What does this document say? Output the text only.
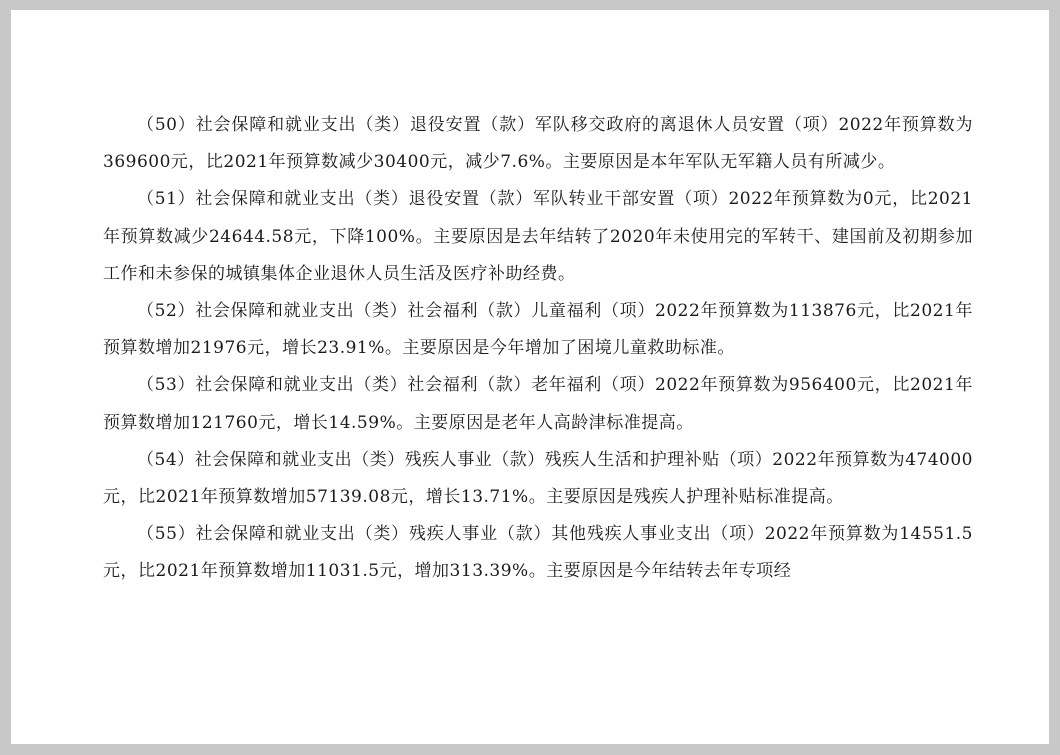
（50）社会保障和就业支出（类）退役安置（款）军队移交政府的离退休人员安置（项）2022年预算数为369600元，比2021年预算数减少30400元，减少7.6%。主要原因是本年军队无军籍人员有所减少。

（51）社会保障和就业支出（类）退役安置（款）军队转业干部安置（项）2022年预算数为0元，比2021年预算数减少24644.58元，下降100%。主要原因是去年结转了2020年未使用完的军转干、建国前及初期参加工作和未参保的城镇集体企业退休人员生活及医疗补助经费。

（52）社会保障和就业支出（类）社会福利（款）儿童福利（项）2022年预算数为113876元，比2021年预算数增加21976元，增长23.91%。主要原因是今年增加了困境儿童救助标准。

（53）社会保障和就业支出（类）社会福利（款）老年福利（项）2022年预算数为956400元，比2021年预算数增加121760元，增长14.59%。主要原因是老年人高龄津标准提高。

（54）社会保障和就业支出（类）残疾人事业（款）残疾人生活和护理补贴（项）2022年预算数为474000元，比2021年预算数增加57139.08元，增长13.71%。主要原因是残疾人护理补贴标准提高。

（55）社会保障和就业支出（类）残疾人事业（款）其他残疾人事业支出（项）2022年预算数为14551.5元，比2021年预算数增加11031.5元，增加313.39%。主要原因是今年结转去年专项经
